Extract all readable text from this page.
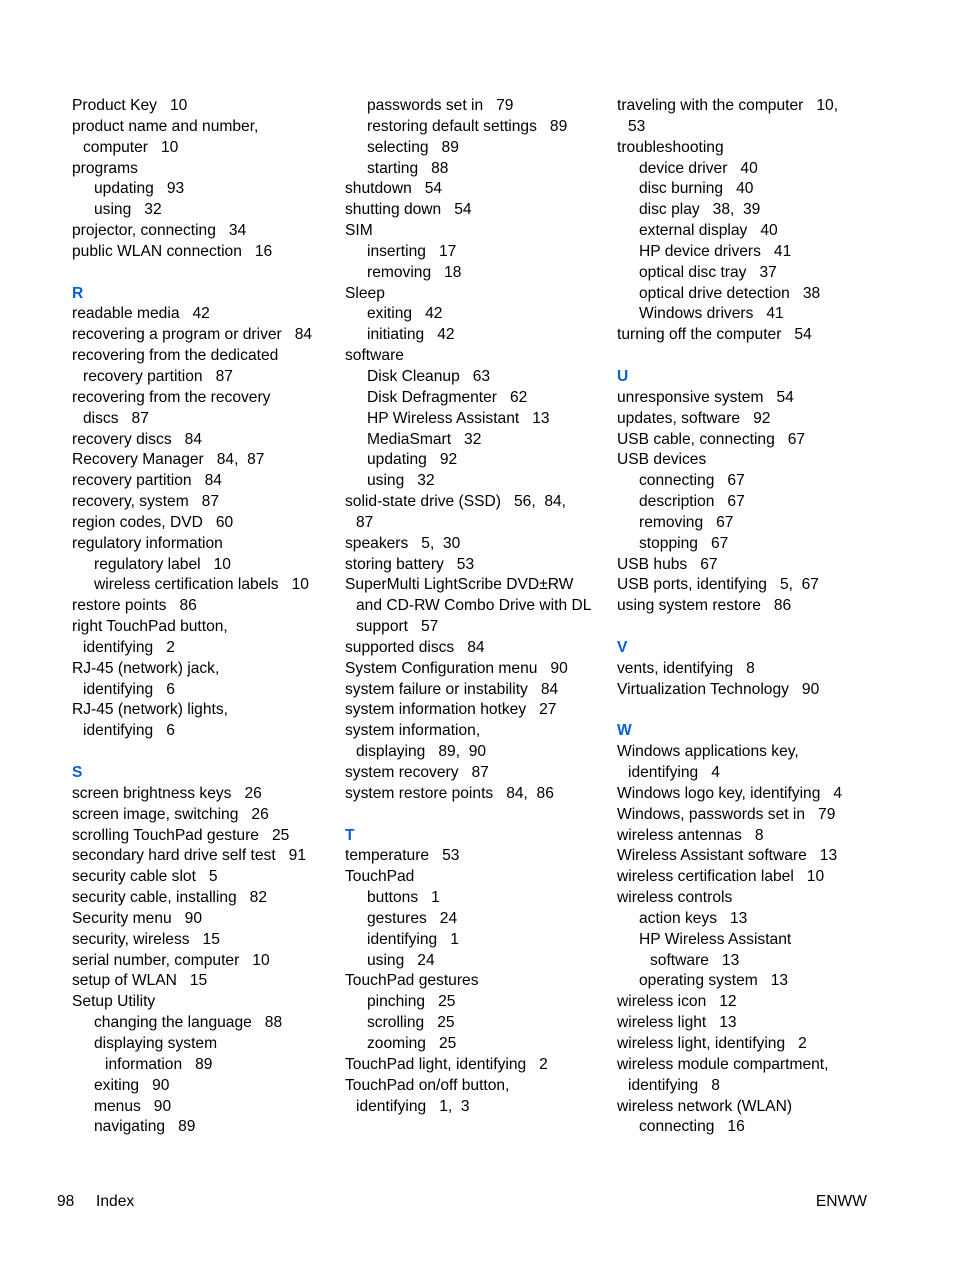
Product Key   10
product name and number,
computer   10
programs
updating   93
using   32
projector, connecting   34
public WLAN connection   16
R
readable media   42
recovering a program or driver   84
recovering from the dedicated
recovery partition   87
recovering from the recovery
discs   87
recovery discs   84
Recovery Manager   84,  87
recovery partition   84
recovery, system   87
region codes, DVD   60
regulatory information
regulatory label   10
wireless certification labels   10
restore points   86
right TouchPad button,
identifying   2
RJ-45 (network) jack,
identifying   6
RJ-45 (network) lights,
identifying   6
S
screen brightness keys   26
screen image, switching   26
scrolling TouchPad gesture   25
secondary hard drive self test   91
security cable slot   5
security cable, installing   82
Security menu   90
security, wireless   15
serial number, computer   10
setup of WLAN   15
Setup Utility
changing the language   88
displaying system
information   89
exiting   90
menus   90
navigating   89
passwords set in   79
restoring default settings   89
selecting   89
starting   88
shutdown   54
shutting down   54
SIM
inserting   17
removing   18
Sleep
exiting   42
initiating   42
software
Disk Cleanup   63
Disk Defragmenter   62
HP Wireless Assistant   13
MediaSmart   32
updating   92
using   32
solid-state drive (SSD)   56,  84,
87
speakers   5,  30
storing battery   53
SuperMulti LightScribe DVD±RW
and CD-RW Combo Drive with DL
support   57
supported discs   84
System Configuration menu   90
system failure or instability   84
system information hotkey   27
system information,
displaying   89,  90
system recovery   87
system restore points   84,  86
T
temperature   53
TouchPad
buttons   1
gestures   24
identifying   1
using   24
TouchPad gestures
pinching   25
scrolling   25
zooming   25
TouchPad light, identifying   2
TouchPad on/off button,
identifying   1,  3
traveling with the computer   10,
53
troubleshooting
device driver   40
disc burning   40
disc play   38,  39
external display   40
HP device drivers   41
optical disc tray   37
optical drive detection   38
Windows drivers   41
turning off the computer   54
U
unresponsive system   54
updates, software   92
USB cable, connecting   67
USB devices
connecting   67
description   67
removing   67
stopping   67
USB hubs   67
USB ports, identifying   5,  67
using system restore   86
V
vents, identifying   8
Virtualization Technology   90
W
Windows applications key,
identifying   4
Windows logo key, identifying   4
Windows, passwords set in   79
wireless antennas   8
Wireless Assistant software   13
wireless certification label   10
wireless controls
action keys   13
HP Wireless Assistant
software   13
operating system   13
wireless icon   12
wireless light   13
wireless light, identifying   2
wireless module compartment,
identifying   8
wireless network (WLAN)
connecting   16
98 Index	ENWW
